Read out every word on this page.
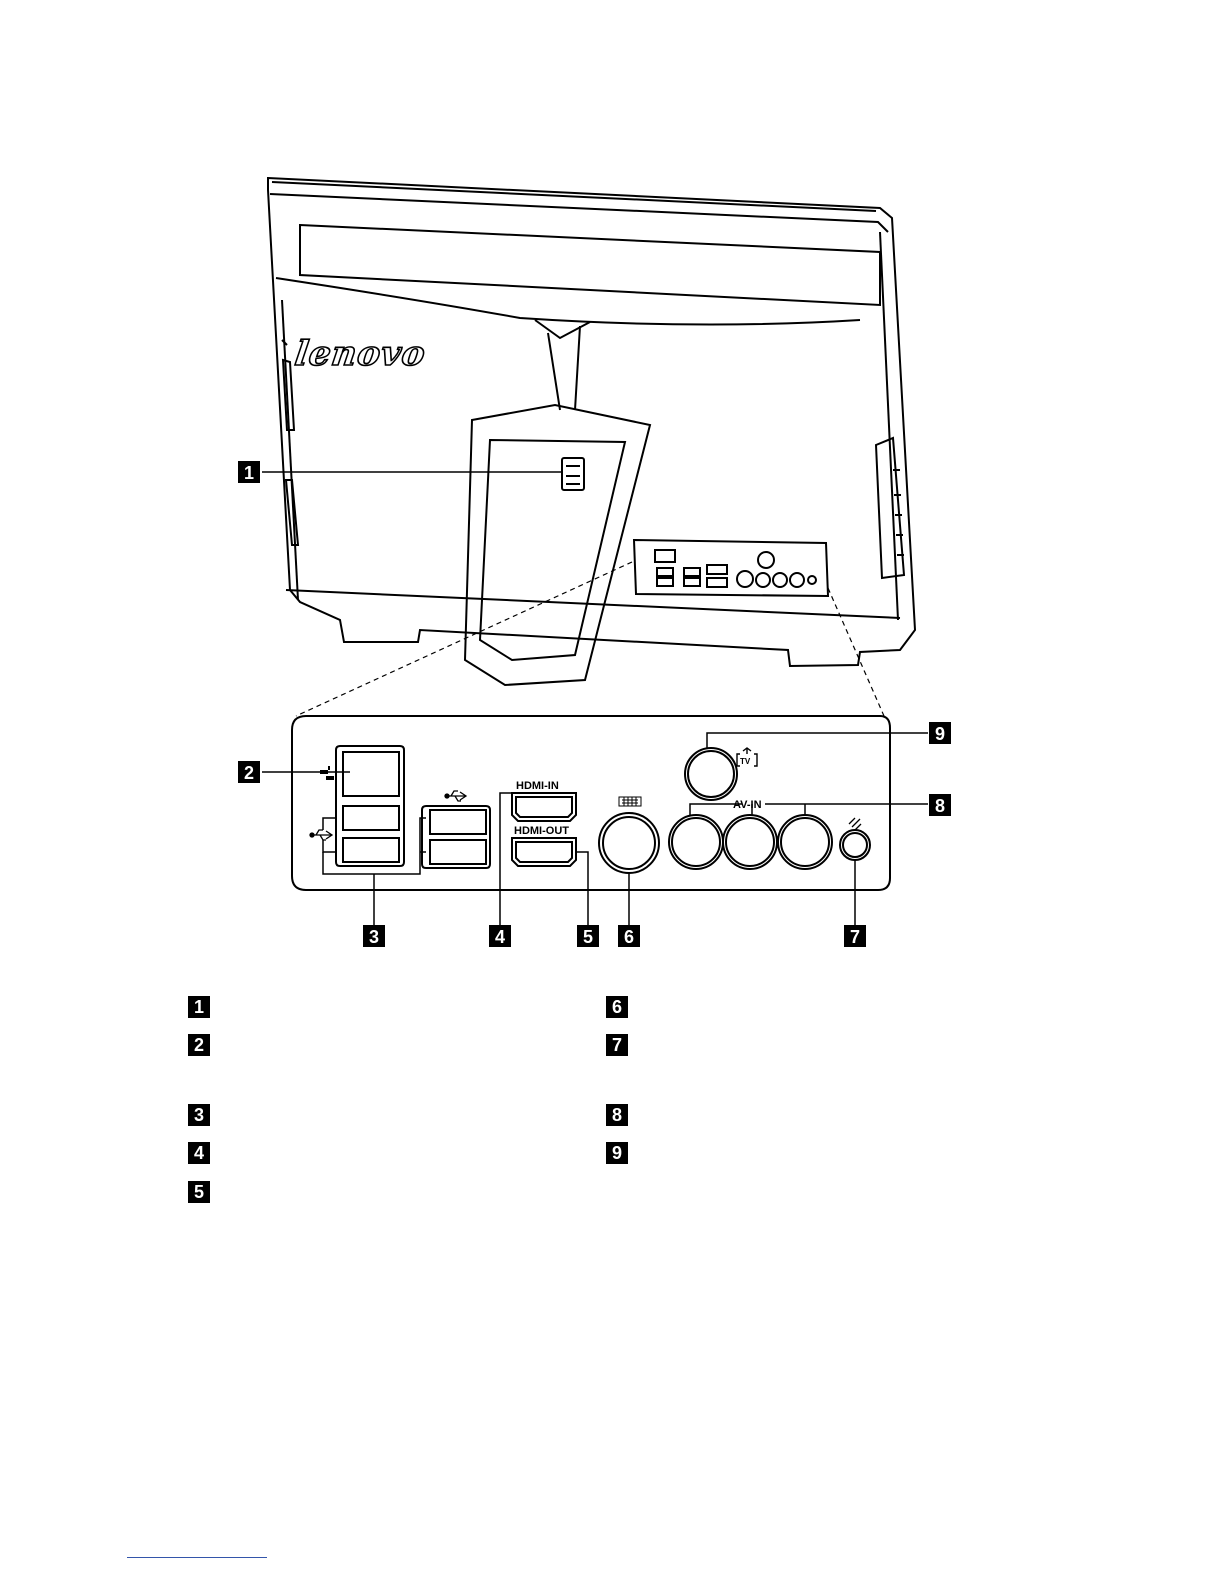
lenovo
HDMI-IN
HDMI-OUT
AV-IN
TV
1
2
3	4	5 6	7
8
9
1
2
3
4
5
6
7
8
9
